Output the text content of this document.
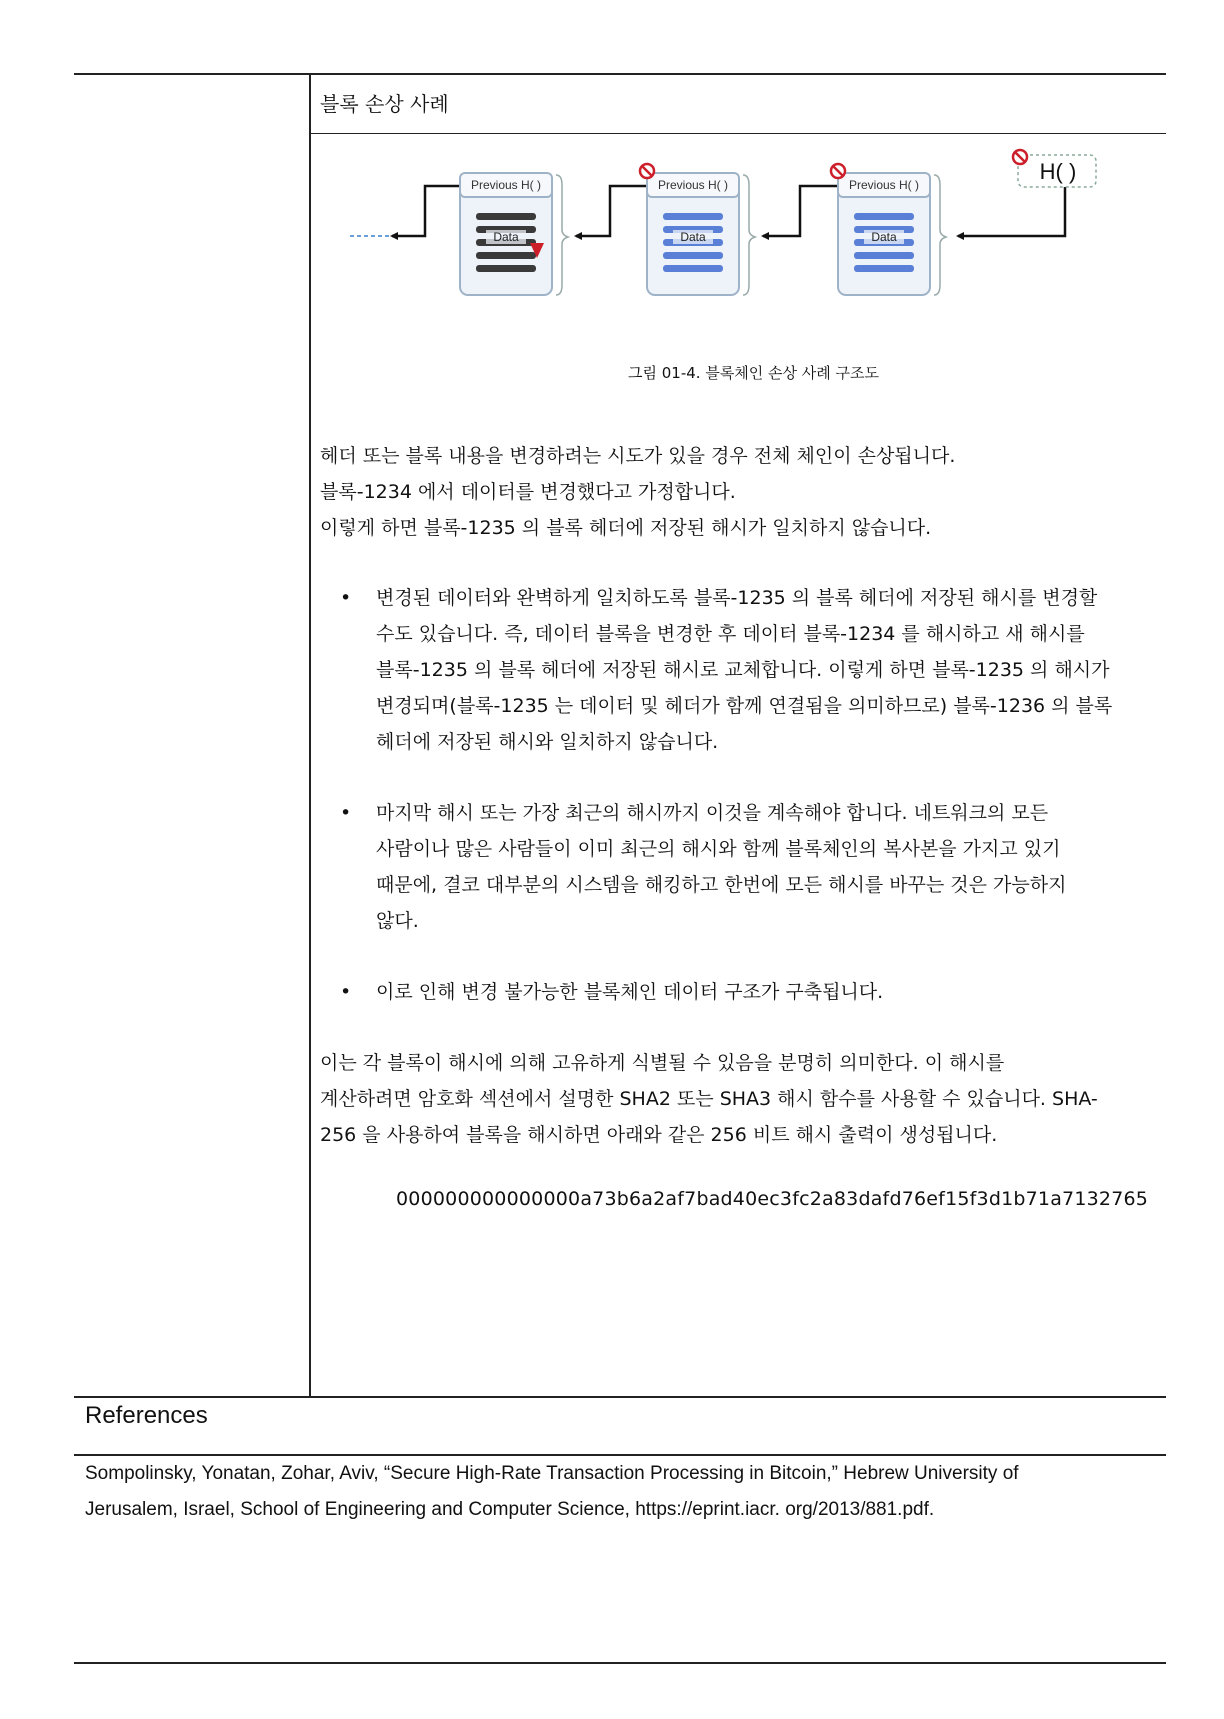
블록 손상 사례
Previous H( )
Data
Previous H( )
Data
Previous H( )
Data
H( )
그림 01-4. 블록체인 손상 사례 구조도
헤더 또는 블록 내용을 변경하려는 시도가 있을 경우 전체 체인이 손상됩니다.
블록-1234 에서 데이터를 변경했다고 가정합니다.
이렇게 하면 블록-1235 의 블록 헤더에 저장된 해시가 일치하지 않습니다.
•	변경된 데이터와 완벽하게 일치하도록 블록-1235 의 블록 헤더에 저장된 해시를 변경할
수도 있습니다. 즉, 데이터 블록을 변경한 후 데이터 블록-1234 를 해시하고 새 해시를
블록-1235 의 블록 헤더에 저장된 해시로 교체합니다. 이렇게 하면 블록-1235 의 해시가
변경되며(블록-1235 는 데이터 및 헤더가 함께 연결됨을 의미하므로) 블록-1236 의 블록
헤더에 저장된 해시와 일치하지 않습니다.
•	마지막 해시 또는 가장 최근의 해시까지 이것을 계속해야 합니다. 네트워크의 모든
사람이나 많은 사람들이 이미 최근의 해시와 함께 블록체인의 복사본을 가지고 있기
때문에, 결코 대부분의 시스템을 해킹하고 한번에 모든 해시를 바꾸는 것은 가능하지
않다.
•	이로 인해 변경 불가능한 블록체인 데이터 구조가 구축됩니다.
이는 각 블록이 해시에 의해 고유하게 식별될 수 있음을 분명히 의미한다. 이 해시를
계산하려면 암호화 섹션에서 설명한 SHA2 또는 SHA3 해시 함수를 사용할 수 있습니다. SHA-
256 을 사용하여 블록을 해시하면 아래와 같은 256 비트 해시 출력이 생성됩니다.
000000000000000a73b6a2af7bad40ec3fc2a83dafd76ef15f3d1b71a7132765
References
Sompolinsky, Yonatan, Zohar, Aviv, “Secure High-Rate Transaction Processing in Bitcoin,” Hebrew University of
Jerusalem, Israel, School of Engineering and Computer Science, https://eprint.iacr. org/2013/881.pdf.
